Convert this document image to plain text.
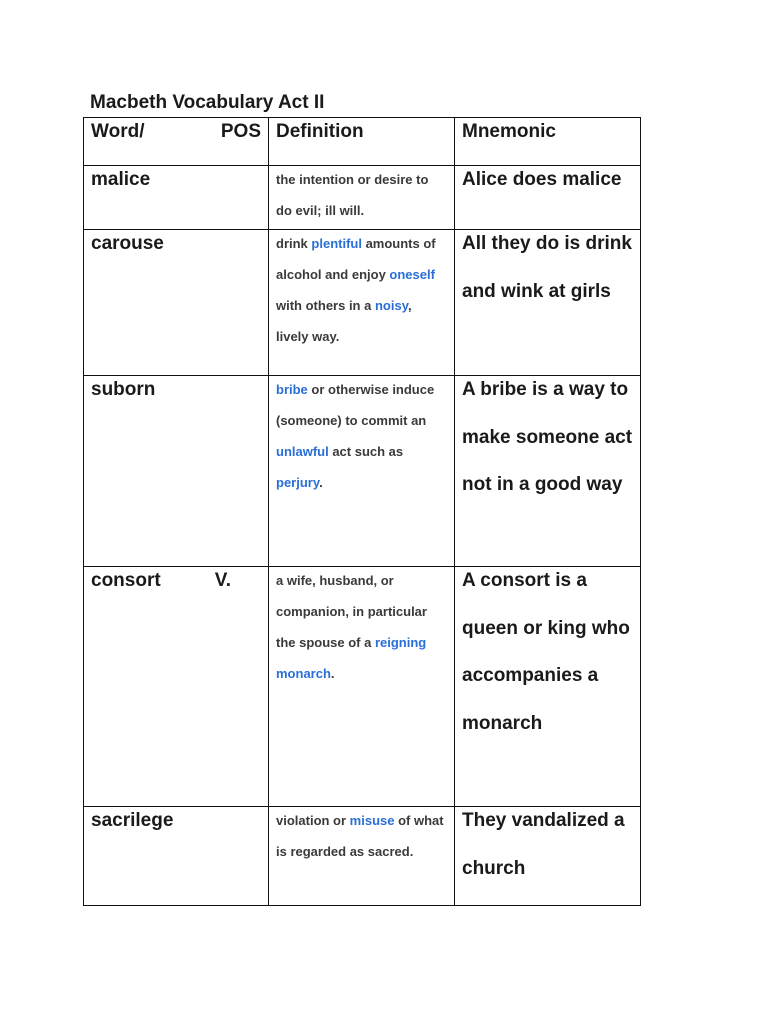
Macbeth Vocabulary Act II
Word/ POS	Definition	Mnemonic

malice	the intention or desire to do evil; ill will.	Alice does malice

carouse	drink plentiful amounts of alcohol and enjoy oneself with others in a noisy, lively way.	All they do is drink and wink at girls

suborn	bribe or otherwise induce (someone) to commit an unlawful act such as perjury.	A bribe is a way to make someone act not in a good way

consort V.	a wife, husband, or companion, in particular the spouse of a reigning monarch.	A consort is a queen or king who accompanies a monarch

sacrilege	violation or misuse of what is regarded as sacred.	They vandalized a church
